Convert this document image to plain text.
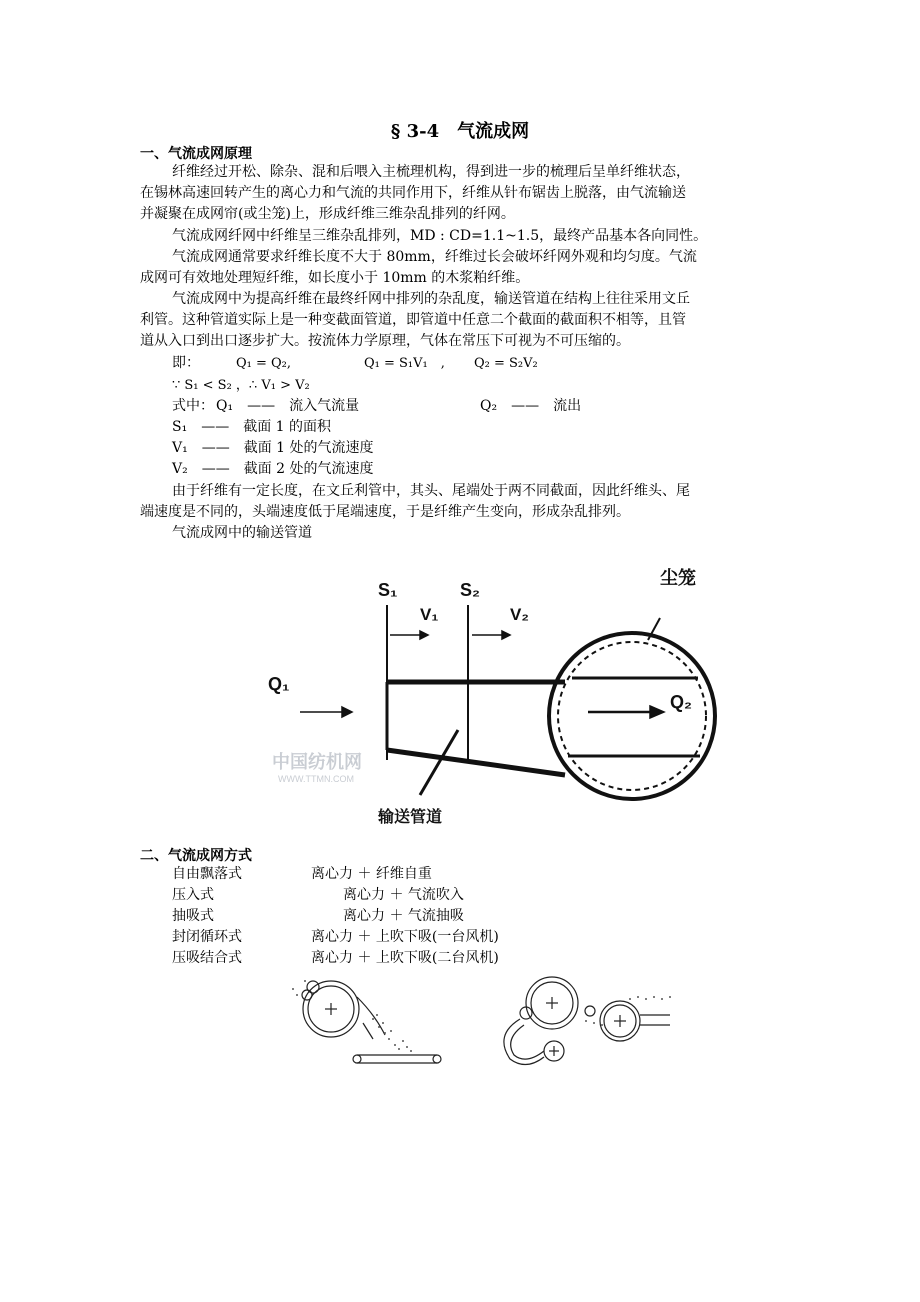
§ 3-4　气流成网
一、气流成网原理
纤维经过开松、除杂、混和后喂入主梳理机构，得到进一步的梳理后呈单纤维状态，
在锡林高速回转产生的离心力和气流的共同作用下，纤维从针布锯齿上脱落，由气流输送
并凝聚在成网帘(或尘笼)上，形成纤维三维杂乱排列的纤网。
气流成网纤网中纤维呈三维杂乱排列，MD : CD=1.1~1.5，最终产品基本各向同性。
气流成网通常要求纤维长度不大于 80mm，纤维过长会破坏纤网外观和均匀度。气流
成网可有效地处理短纤维，如长度小于 10mm 的木浆粕纤维。
气流成网中为提高纤维在最终纤网中排列的杂乱度，输送管道在结构上往往采用文丘
利管。这种管道实际上是一种变截面管道，即管道中任意二个截面的截面积不相等，且管
道从入口到出口逐步扩大。按流体力学原理，气体在常压下可视为不可压缩的。
即：	Q₁ = Q₂,	Q₁ = S₁V₁　, Q₂ = S₂V₂
∵ S₁ < S₂ ，∴ V₁ > V₂
式中： Q₁　——　流入气流量	Q₂　——　流出
S₁　——　截面 1 的面积
V₁　——　截面 1 处的气流速度
V₂　——　截面 2 处的气流速度
由于纤维有一定长度，在文丘利管中，其头、尾端处于两不同截面，因此纤维头、尾
端速度是不同的，头端速度低于尾端速度，于是纤维产生变向，形成杂乱排列。
气流成网中的输送管道
S₁	S₂
V₁	V₂
Q₁
Q₂
尘笼
输送管道
中国纺机网
WWW.TTMN.COM
二、气流成网方式
自由飘落式	离心力 ＋ 纤维自重
压入式	离心力 ＋ 气流吹入
抽吸式	离心力 ＋ 气流抽吸
封闭循环式	离心力 ＋ 上吹下吸(一台风机)
压吸结合式	离心力 ＋ 上吹下吸(二台风机)
